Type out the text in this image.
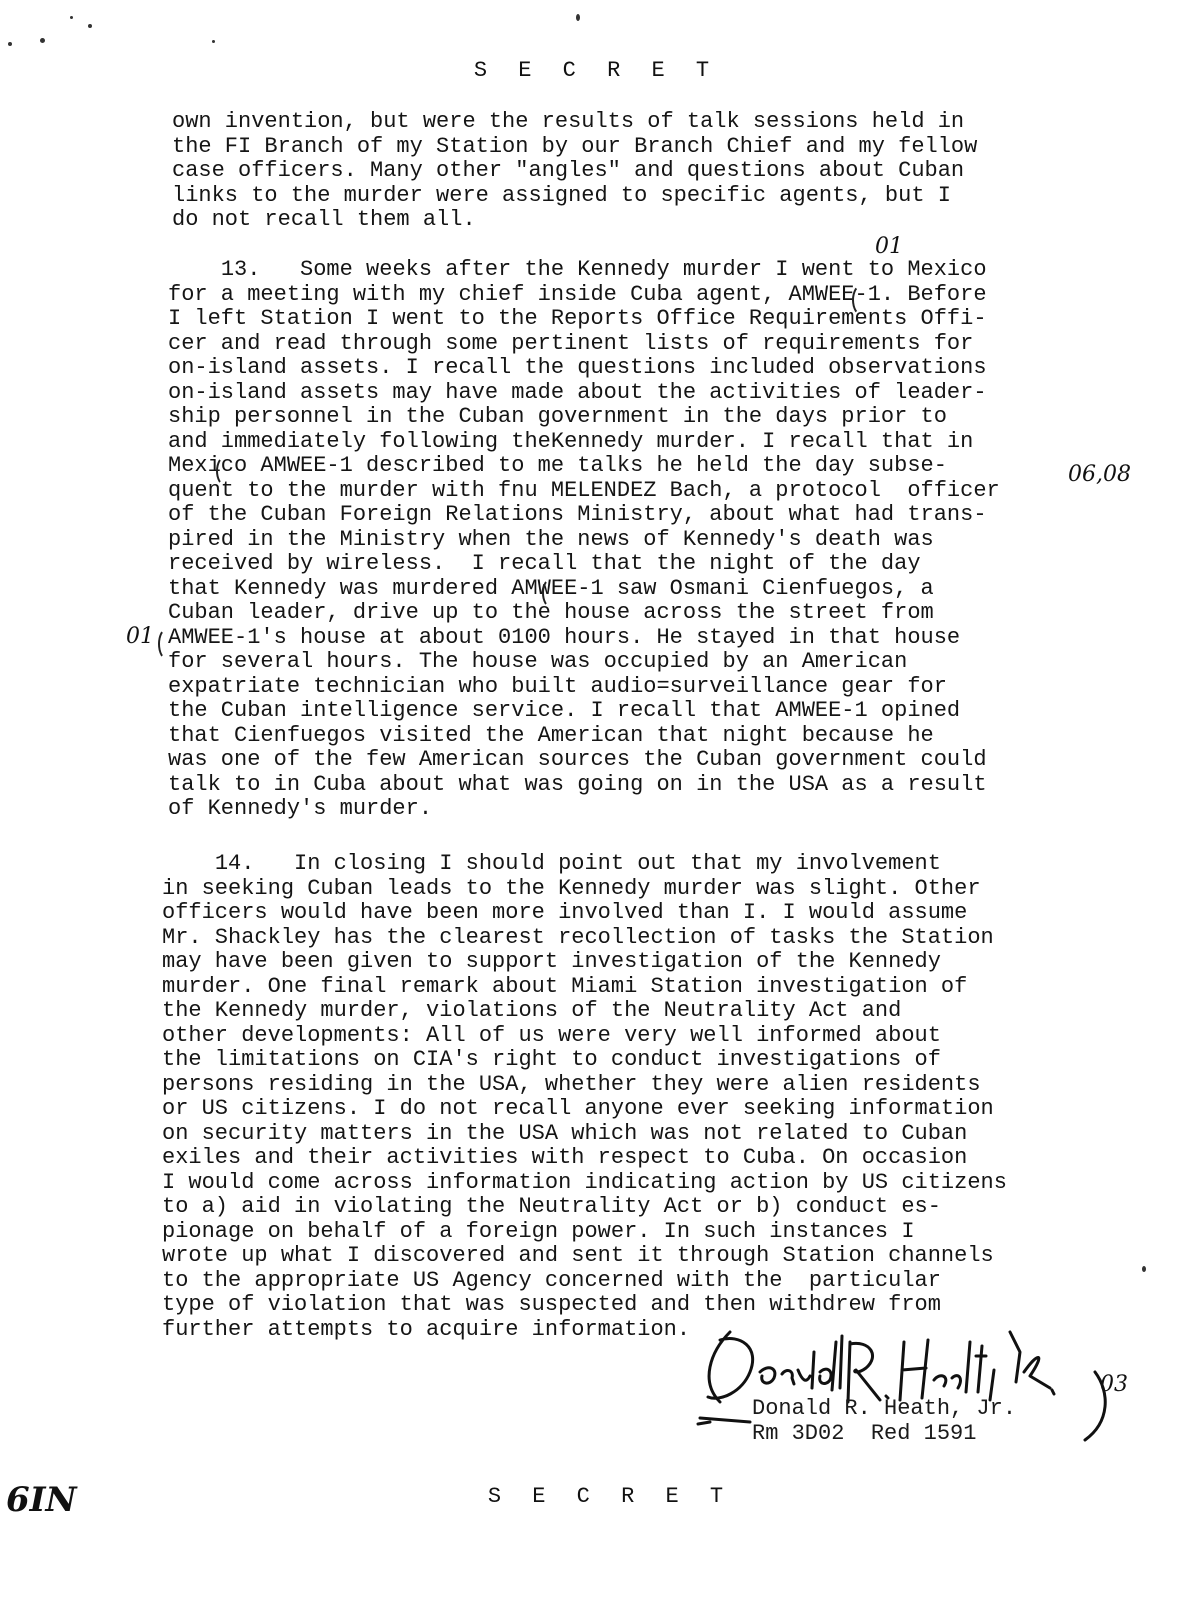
S E C R E T
own invention, but were the results of talk sessions held in
the FI Branch of my Station by our Branch Chief and my fellow
case officers. Many other "angles" and questions about Cuban
links to the murder were assigned to specific agents, but I
do not recall them all.
13.   Some weeks after the Kennedy murder I went to Mexico
for a meeting with my chief inside Cuba agent, AMWEE-1. Before
I left Station I went to the Reports Office Requirements Offi-
cer and read through some pertinent lists of requirements for
on-island assets. I recall the questions included observations
on-island assets may have made about the activities of leader-
ship personnel in the Cuban government in the days prior to
and immediately following theKennedy murder. I recall that in
Mexico AMWEE-1 described to me talks he held the day subse-
quent to the murder with fnu MELENDEZ Bach, a protocol  officer
of the Cuban Foreign Relations Ministry, about what had trans-
pired in the Ministry when the news of Kennedy's death was
received by wireless.  I recall that the night of the day
that Kennedy was murdered AMWEE-1 saw Osmani Cienfuegos, a
Cuban leader, drive up to the house across the street from
AMWEE-1's house at about 0100 hours. He stayed in that house
for several hours. The house was occupied by an American
expatriate technician who built audio=surveillance gear for
the Cuban intelligence service. I recall that AMWEE-1 opined
that Cienfuegos visited the American that night because he
was one of the few American sources the Cuban government could
talk to in Cuba about what was going on in the USA as a result
of Kennedy's murder.
14.   In closing I should point out that my involvement
in seeking Cuban leads to the Kennedy murder was slight. Other
officers would have been more involved than I. I would assume
Mr. Shackley has the clearest recollection of tasks the Station
may have been given to support investigation of the Kennedy
murder. One final remark about Miami Station investigation of
the Kennedy murder, violations of the Neutrality Act and
other developments: All of us were very well informed about
the limitations on CIA's right to conduct investigations of
persons residing in the USA, whether they were alien residents
or US citizens. I do not recall anyone ever seeking information
on security matters in the USA which was not related to Cuban
exiles and their activities with respect to Cuba. On occasion
I would come across information indicating action by US citizens
to a) aid in violating the Neutrality Act or b) conduct es-
pionage on behalf of a foreign power. In such instances I
wrote up what I discovered and sent it through Station channels
to the appropriate US Agency concerned with the  particular
type of violation that was suspected and then withdrew from
further attempts to acquire information.
01
06,08
01
03
6IN
Donald R. Heath, Jr.
Rm 3D02  Red 1591
S E C R E T
